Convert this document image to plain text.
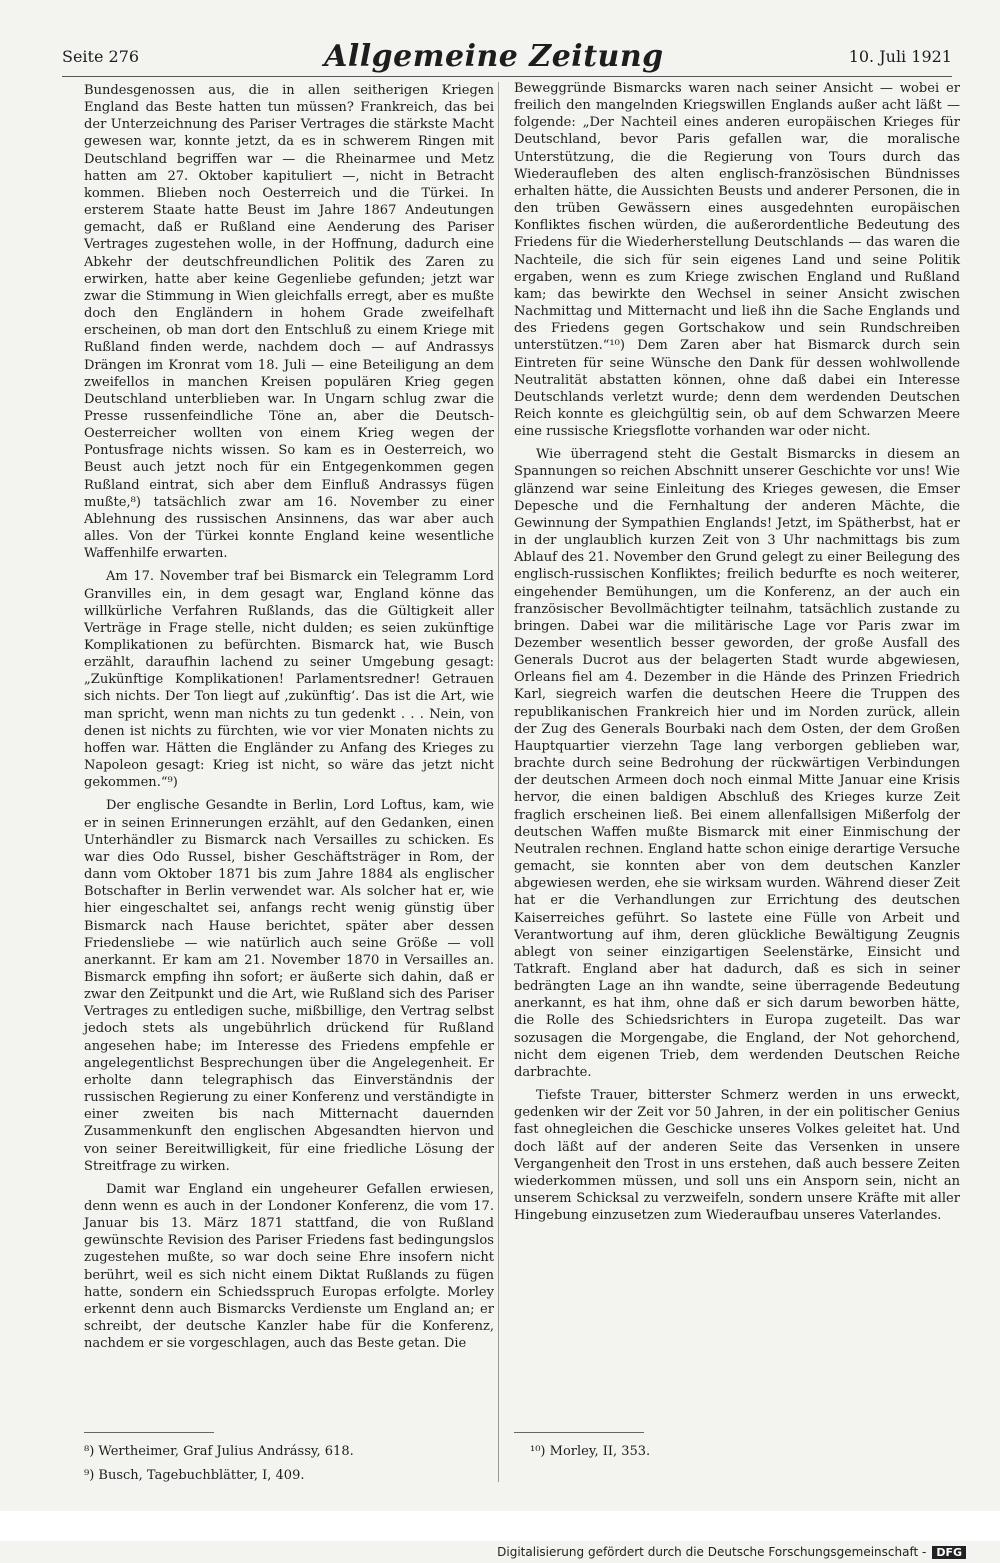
Seite 276	Allgemeine Zeitung	10. Juli 1921

Bundesgenossen aus, die in allen seitherigen Kriegen England das Beste hatten tun müssen? Frankreich, das bei der Unterzeichnung des Pariser Vertrages die stärkste Macht gewesen war, konnte jetzt, da es in schwerem Ringen mit Deutschland begriffen war — die Rheinarmee und Metz hatten am 27. Oktober kapituliert —, nicht in Betracht kommen. Blieben noch Oesterreich und die Türkei. In ersterem Staate hatte Beust im Jahre 1867 Andeutungen gemacht, daß er Rußland eine Aenderung des Pariser Vertrages zugestehen wolle, in der Hoffnung, dadurch eine Abkehr der deutschfreundlichen Politik des Zaren zu erwirken, hatte aber keine Gegenliebe gefunden; jetzt war zwar die Stimmung in Wien gleichfalls erregt, aber es mußte doch den Engländern in hohem Grade zweifelhaft erscheinen, ob man dort den Entschluß zu einem Kriege mit Rußland finden werde, nachdem doch — auf Andrassys Drängen im Kronrat vom 18. Juli — eine Beteiligung an dem zweifellos in manchen Kreisen populären Krieg gegen Deutschland unterblieben war. In Ungarn schlug zwar die Presse russenfeindliche Töne an, aber die Deutsch-Oesterreicher wollten von einem Krieg wegen der Pontusfrage nichts wissen. So kam es in Oesterreich, wo Beust auch jetzt noch für ein Entgegenkommen gegen Rußland eintrat, sich aber dem Einfluß Andrassys fügen mußte,⁸) tatsächlich zwar am 16. November zu einer Ablehnung des russischen Ansinnens, das war aber auch alles. Von der Türkei konnte England keine wesentliche Waffenhilfe erwarten.

Am 17. November traf bei Bismarck ein Telegramm Lord Granvilles ein, in dem gesagt war, England könne das willkürliche Verfahren Rußlands, das die Gültigkeit aller Verträge in Frage stelle, nicht dulden; es seien zukünftige Komplikationen zu befürchten. Bismarck hat, wie Busch erzählt, daraufhin lachend zu seiner Umgebung gesagt: „Zukünftige Komplikationen! Parlamentsredner! Getrauen sich nichts. Der Ton liegt auf ‚zukünftig‘. Das ist die Art, wie man spricht, wenn man nichts zu tun gedenkt . . . Nein, von denen ist nichts zu fürchten, wie vor vier Monaten nichts zu hoffen war. Hätten die Engländer zu Anfang des Krieges zu Napoleon gesagt: Krieg ist nicht, so wäre das jetzt nicht gekommen.“⁹)

Der englische Gesandte in Berlin, Lord Loftus, kam, wie er in seinen Erinnerungen erzählt, auf den Gedanken, einen Unterhändler zu Bismarck nach Versailles zu schicken. Es war dies Odo Russel, bisher Geschäftsträger in Rom, der dann vom Oktober 1871 bis zum Jahre 1884 als englischer Botschafter in Berlin verwendet war. Als solcher hat er, wie hier eingeschaltet sei, anfangs recht wenig günstig über Bismarck nach Hause berichtet, später aber dessen Friedensliebe — wie natürlich auch seine Größe — voll anerkannt. Er kam am 21. November 1870 in Versailles an. Bismarck empfing ihn sofort; er äußerte sich dahin, daß er zwar den Zeitpunkt und die Art, wie Rußland sich des Pariser Vertrages zu entledigen suche, mißbillige, den Vertrag selbst jedoch stets als ungebührlich drückend für Rußland angesehen habe; im Interesse des Friedens empfehle er angelegentlichst Besprechungen über die Angelegenheit. Er erholte dann telegraphisch das Einverständnis der russischen Regierung zu einer Konferenz und verständigte in einer zweiten bis nach Mitternacht dauernden Zusammenkunft den englischen Abgesandten hiervon und von seiner Bereitwilligkeit, für eine friedliche Lösung der Streitfrage zu wirken.

Damit war England ein ungeheurer Gefallen erwiesen, denn wenn es auch in der Londoner Konferenz, die vom 17. Januar bis 13. März 1871 stattfand, die von Rußland gewünschte Revision des Pariser Friedens fast bedingungslos zugestehen mußte, so war doch seine Ehre insofern nicht berührt, weil es sich nicht einem Diktat Rußlands zu fügen hatte, sondern ein Schiedsspruch Europas erfolgte. Morley erkennt denn auch Bismarcks Verdienste um England an; er schreibt, der deutsche Kanzler habe für die Konferenz, nachdem er sie vorgeschlagen, auch das Beste getan. Die

Beweggründe Bismarcks waren nach seiner Ansicht — wobei er freilich den mangelnden Kriegswillen Englands außer acht läßt — folgende: „Der Nachteil eines anderen europäischen Krieges für Deutschland, bevor Paris gefallen war, die moralische Unterstützung, die die Regierung von Tours durch das Wiederaufleben des alten englisch-französischen Bündnisses erhalten hätte, die Aussichten Beusts und anderer Personen, die in den trüben Gewässern eines ausgedehnten europäischen Konfliktes fischen würden, die außerordentliche Bedeutung des Friedens für die Wiederherstellung Deutschlands — das waren die Nachteile, die sich für sein eigenes Land und seine Politik ergaben, wenn es zum Kriege zwischen England und Rußland kam; das bewirkte den Wechsel in seiner Ansicht zwischen Nachmittag und Mitternacht und ließ ihn die Sache Englands und des Friedens gegen Gortschakow und sein Rundschreiben unterstützen.“¹⁰) Dem Zaren aber hat Bismarck durch sein Eintreten für seine Wünsche den Dank für dessen wohlwollende Neutralität abstatten können, ohne daß dabei ein Interesse Deutschlands verletzt wurde; denn dem werdenden Deutschen Reich konnte es gleichgültig sein, ob auf dem Schwarzen Meere eine russische Kriegsflotte vorhanden war oder nicht.

Wie überragend steht die Gestalt Bismarcks in diesem an Spannungen so reichen Abschnitt unserer Geschichte vor uns! Wie glänzend war seine Einleitung des Krieges gewesen, die Emser Depesche und die Fernhaltung der anderen Mächte, die Gewinnung der Sympathien Englands! Jetzt, im Spätherbst, hat er in der unglaublich kurzen Zeit von 3 Uhr nachmittags bis zum Ablauf des 21. November den Grund gelegt zu einer Beilegung des englisch-russischen Konfliktes; freilich bedurfte es noch weiterer, eingehender Bemühungen, um die Konferenz, an der auch ein französischer Bevollmächtigter teilnahm, tatsächlich zustande zu bringen. Dabei war die militärische Lage vor Paris zwar im Dezember wesentlich besser geworden, der große Ausfall des Generals Ducrot aus der belagerten Stadt wurde abgewiesen, Orleans fiel am 4. Dezember in die Hände des Prinzen Friedrich Karl, siegreich warfen die deutschen Heere die Truppen des republikanischen Frankreich hier und im Norden zurück, allein der Zug des Generals Bourbaki nach dem Osten, der dem Großen Hauptquartier vierzehn Tage lang verborgen geblieben war, brachte durch seine Bedrohung der rückwärtigen Verbindungen der deutschen Armeen doch noch einmal Mitte Januar eine Krisis hervor, die einen baldigen Abschluß des Krieges kurze Zeit fraglich erscheinen ließ. Bei einem allenfallsigen Mißerfolg der deutschen Waffen mußte Bismarck mit einer Einmischung der Neutralen rechnen. England hatte schon einige derartige Versuche gemacht, sie konnten aber von dem deutschen Kanzler abgewiesen werden, ehe sie wirksam wurden. Während dieser Zeit hat er die Verhandlungen zur Errichtung des deutschen Kaiserreiches geführt. So lastete eine Fülle von Arbeit und Verantwortung auf ihm, deren glückliche Bewältigung Zeugnis ablegt von seiner einzigartigen Seelenstärke, Einsicht und Tatkraft. England aber hat dadurch, daß es sich in seiner bedrängten Lage an ihn wandte, seine überragende Bedeutung anerkannt, es hat ihm, ohne daß er sich darum beworben hätte, die Rolle des Schiedsrichters in Europa zugeteilt. Das war sozusagen die Morgengabe, die England, der Not gehorchend, nicht dem eigenen Trieb, dem werdenden Deutschen Reiche darbrachte.

Tiefste Trauer, bitterster Schmerz werden in uns erweckt, gedenken wir der Zeit vor 50 Jahren, in der ein politischer Genius fast ohnegleichen die Geschicke unseres Volkes geleitet hat. Und doch läßt auf der anderen Seite das Versenken in unsere Vergangenheit den Trost in uns erstehen, daß auch bessere Zeiten wiederkommen müssen, und soll uns ein Ansporn sein, nicht an unserem Schicksal zu verzweifeln, sondern unsere Kräfte mit aller Hingebung einzusetzen zum Wiederaufbau unseres Vaterlandes.

⁸) Wertheimer, Graf Julius Andrássy, 618.
⁹) Busch, Tagebuchblätter, I, 409.
¹⁰) Morley, II, 353.
Digitalisierung gefördert durch die Deutsche Forschungsgemeinschaft - DFG
